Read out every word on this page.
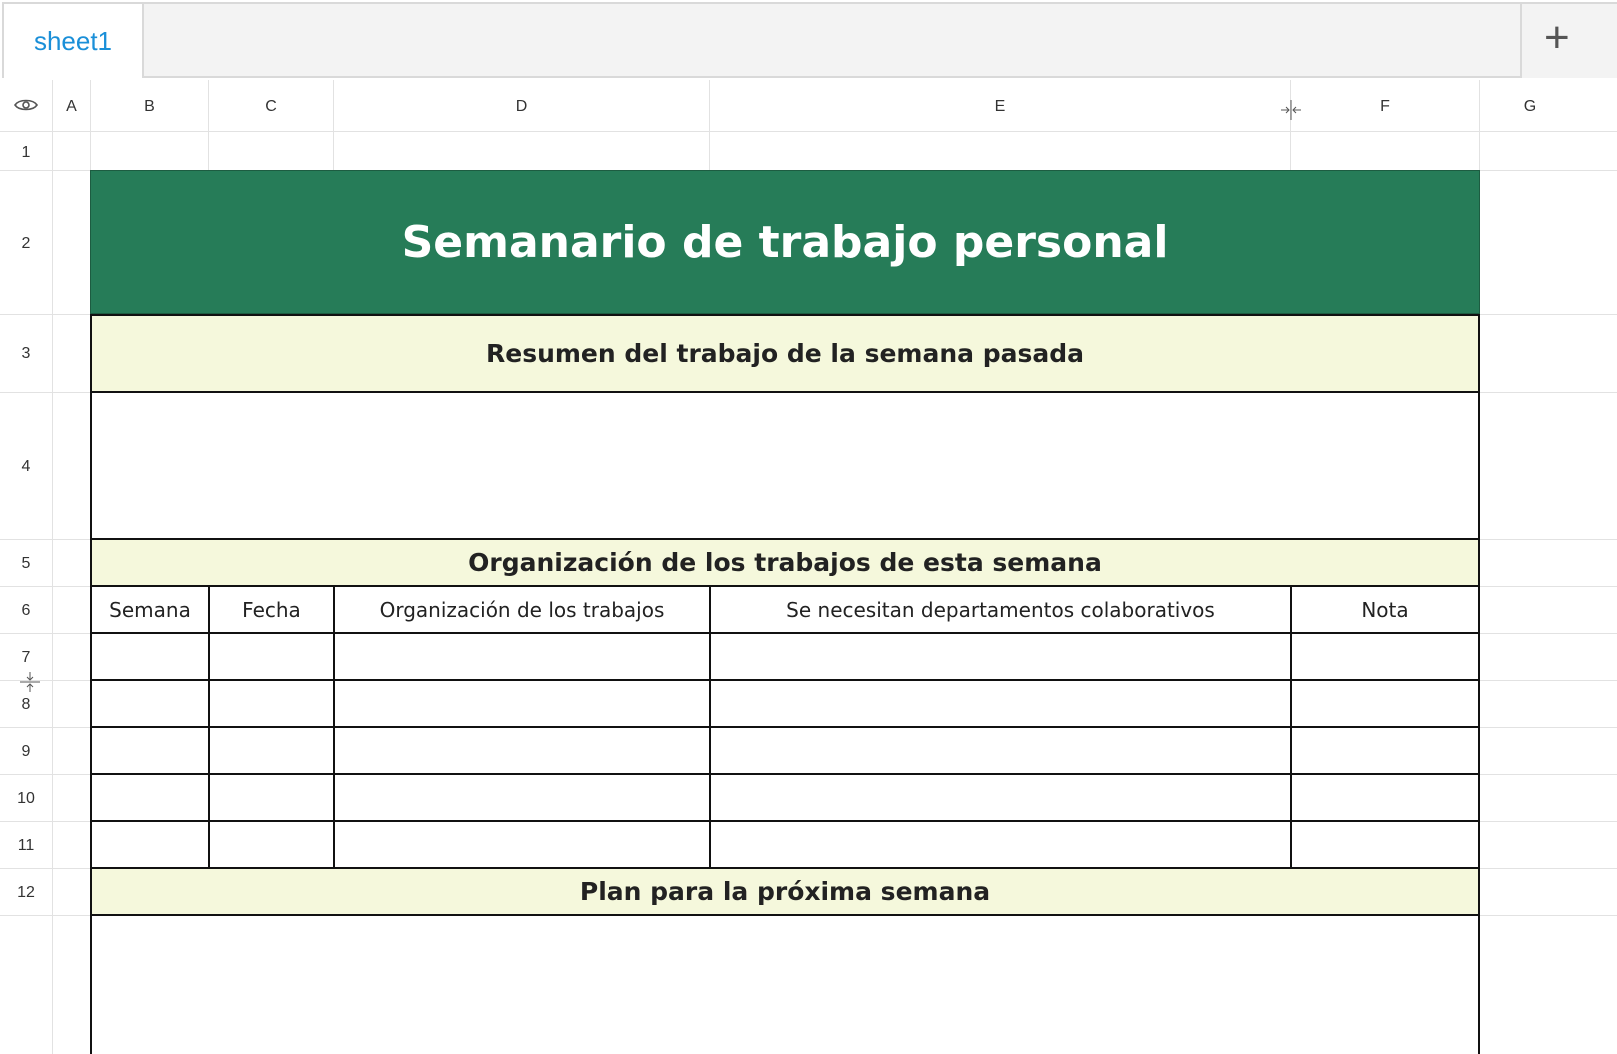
sheet1	+
A	B	C	D	E	F	G
1
2
3
4
5
6
7
8
9
10
11
12
Semanario de trabajo personal
Resumen del trabajo de la semana pasada
Organización de los trabajos de esta semana
Semana	Fecha	Organización de los trabajos	Se necesitan departamentos colaborativos	Nota
Plan para la próxima semana
